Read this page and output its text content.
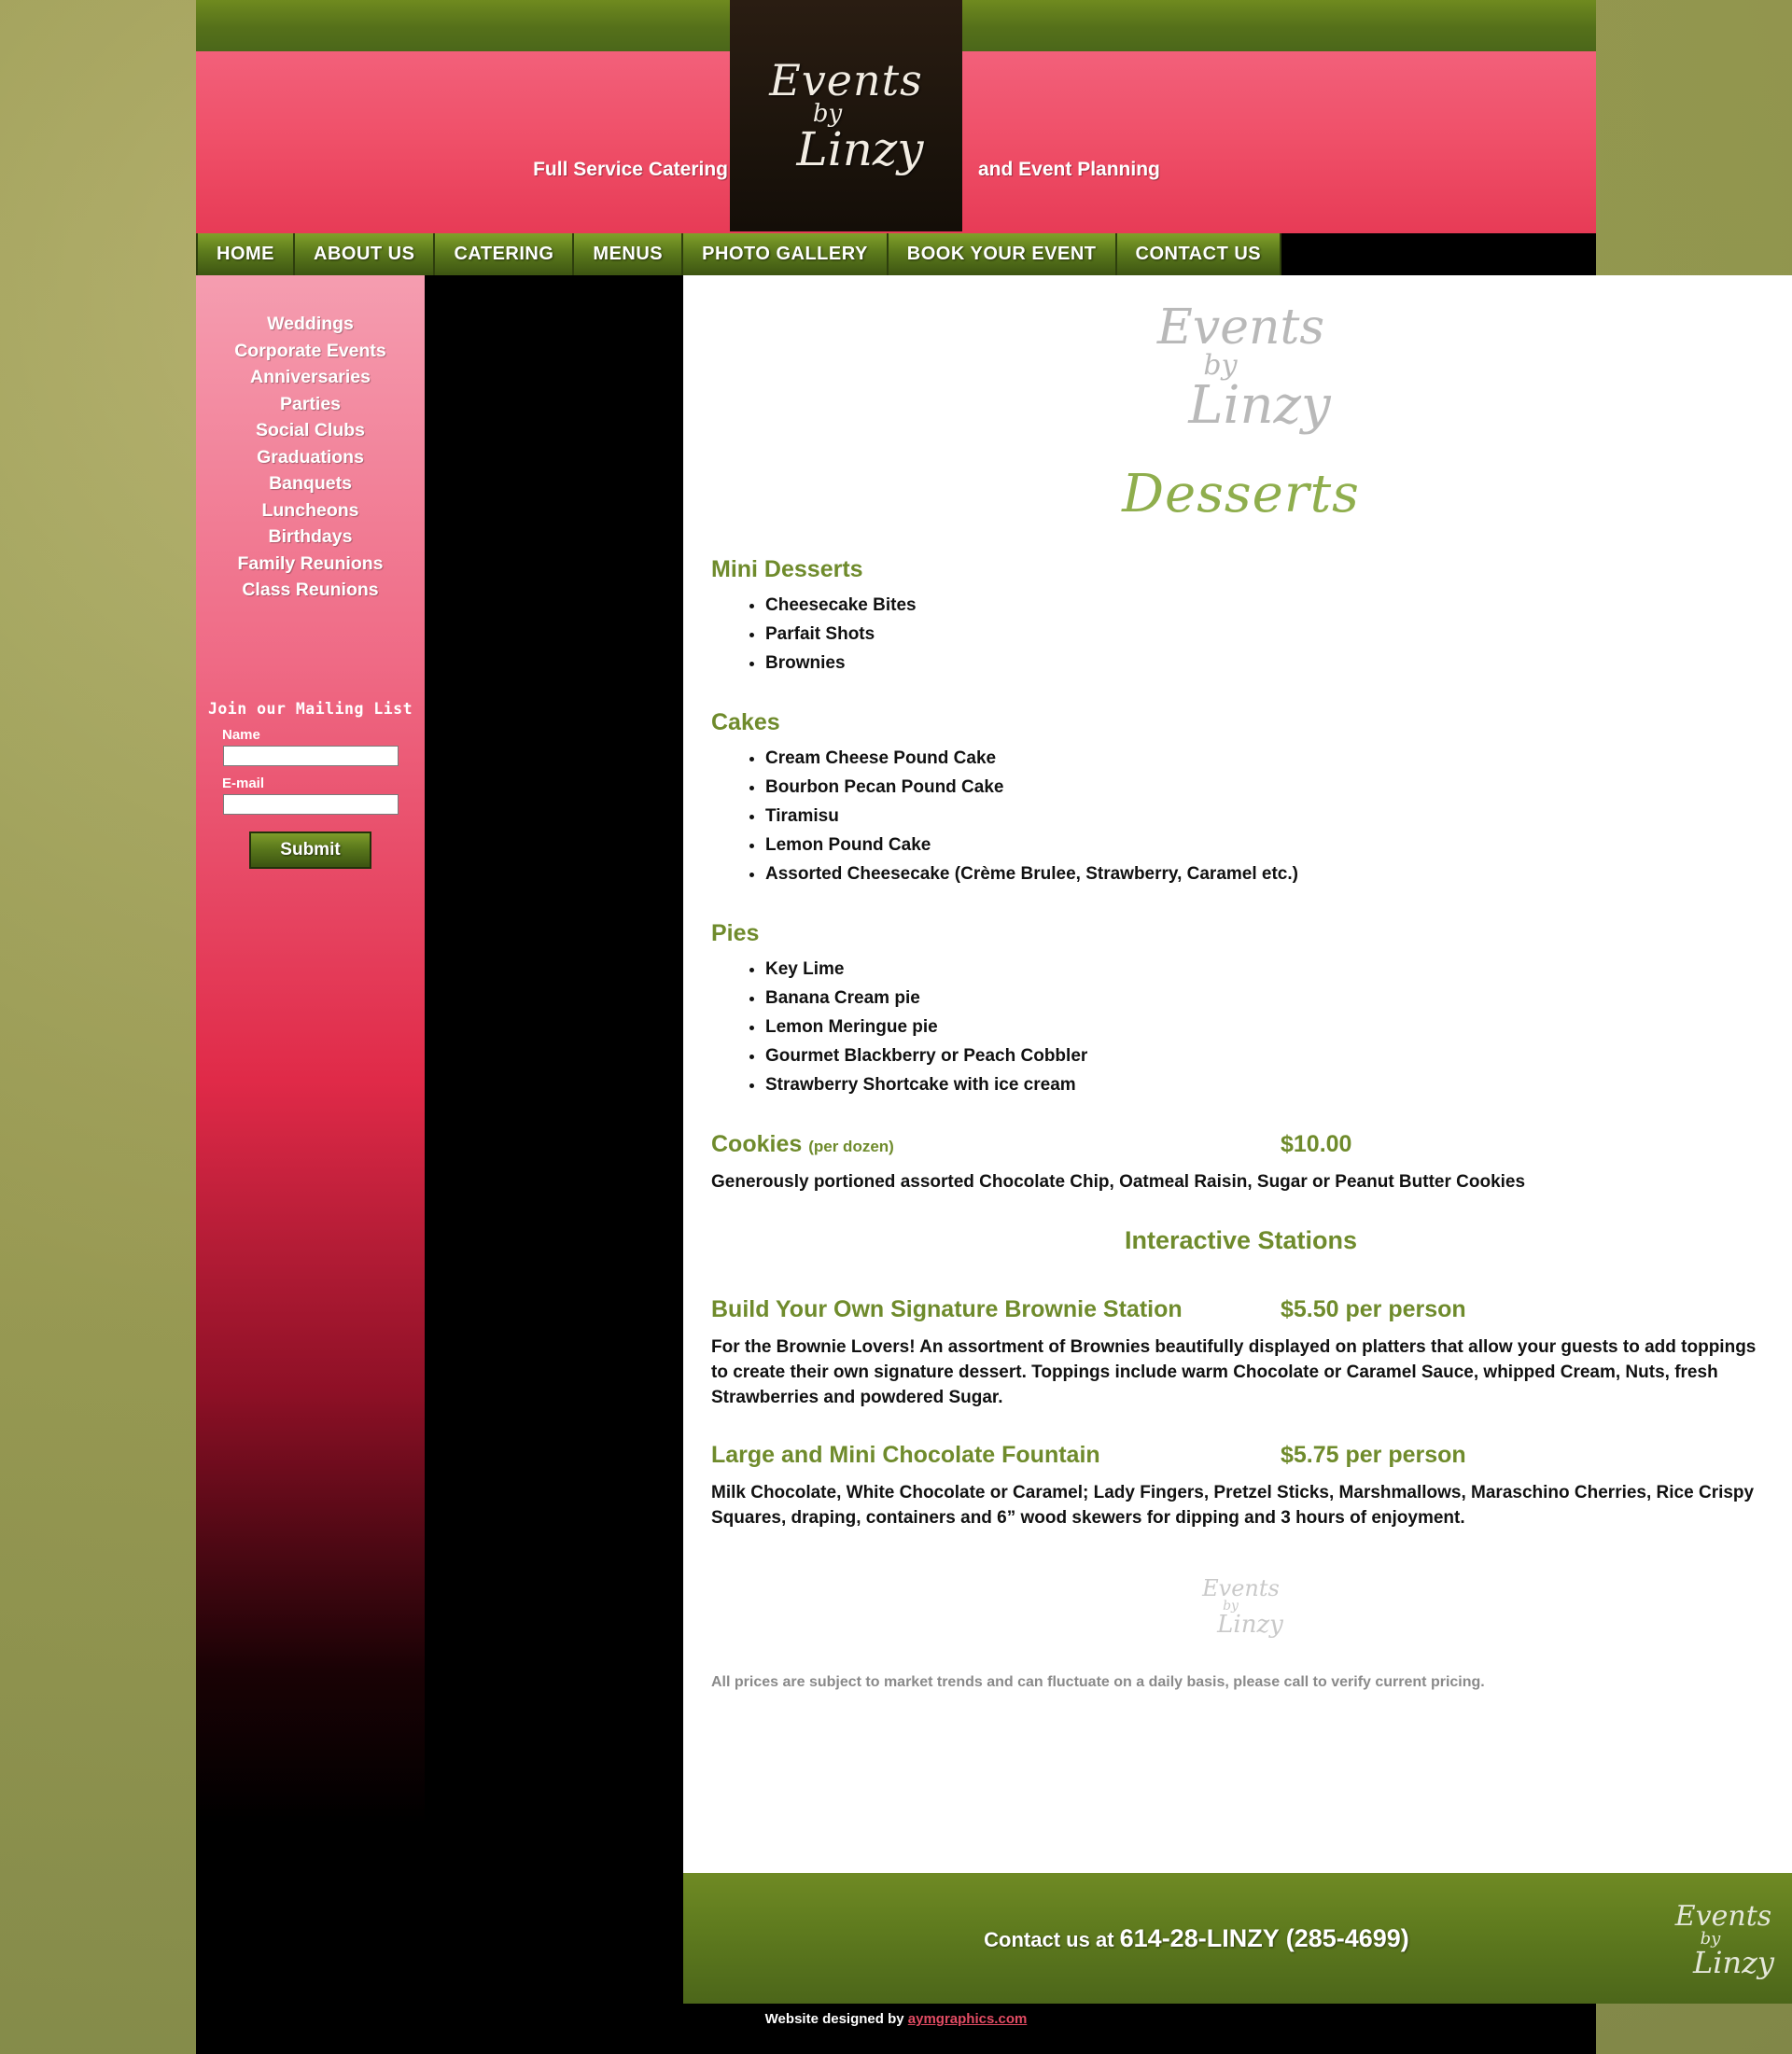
Events
by
Linzy
Full Service Catering	and Event Planning
HOME	ABOUT US	CATERING	MENUS	PHOTO GALLERY	BOOK YOUR EVENT	CONTACT US
Weddings
Corporate Events
Anniversaries
Parties
Social Clubs
Graduations
Banquets
Luncheons
Birthdays
Family Reunions
Class Reunions
Join our Mailing List
Name
E-mail
Submit
Events
by
Linzy
Desserts
Mini Desserts
• Cheesecake Bites
• Parfait Shots
• Brownies
Cakes
• Cream Cheese Pound Cake
• Bourbon Pecan Pound Cake
• Tiramisu
• Lemon Pound Cake
• Assorted Cheesecake (Crème Brulee, Strawberry, Caramel etc.)
Pies
• Key Lime
• Banana Cream pie
• Lemon Meringue pie
• Gourmet Blackberry or Peach Cobbler
• Strawberry Shortcake with ice cream
Cookies (per dozen)	$10.00

Generously portioned assorted Chocolate Chip, Oatmeal Raisin, Sugar or Peanut Butter Cookies

Interactive Stations
Build Your Own Signature Brownie Station	$5.50 per person

For the Brownie Lovers! An assortment of Brownies beautifully displayed on platters that allow your guests to add toppings to create their own signature dessert. Toppings include warm Chocolate or Caramel Sauce, whipped Cream, Nuts, fresh Strawberries and powdered Sugar.

Large and Mini Chocolate Fountain	$5.75 per person

Milk Chocolate, White Chocolate or Caramel; Lady Fingers, Pretzel Sticks, Marshmallows, Maraschino Cherries, Rice Crispy Squares, draping, containers and 6” wood skewers for dipping and 3 hours of enjoyment.

Events
by
Linzy
All prices are subject to market trends and can fluctuate on a daily basis, please call to verify current pricing.
Contact us at 614-28-LINZY (285-4699)
Events
by
Linzy
Website designed by aymgraphics.com
